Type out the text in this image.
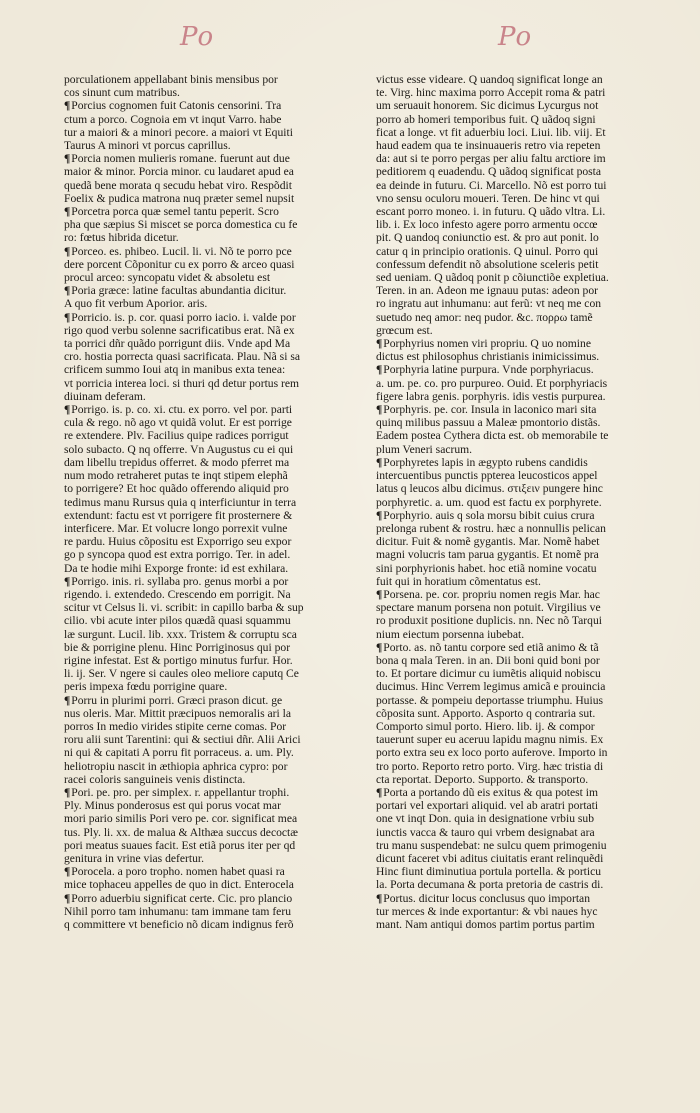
Po	Po
porculationem appellabant binis mensibus por
cos sinunt cum matribus.
¶Porcius cognomen fuit Catonis censorini. Tra
ctum a porco. Cognoia em vt inqut Varro. habe
tur a maiori & a minori pecore. a maiori vt Equiti
Taurus A minori vt porcus caprillus.
¶Porcia nomen mulieris romane. fuerunt aut due
maior & minor. Porcia minor. cu laudaret apud ea
quedã bene morata q secudu hebat viro. Respõdit
Foelix & pudica matrona nuq præter semel nupsit
¶Porcetra porca quæ semel tantu peperit. Scro
pha que sæpius Si miscet se porca domestica cu fe
ro: fœtus hibrida dicetur.
¶Porceo. es. phibeo. Lucil. li. vi. Nõ te porro pce
dere porcent Cõponitur cu ex porro & arceo quasi
procul arceo: syncopatu videt & absoletu est
¶Poria græce: latine facultas abundantia dicitur.
A quo fit verbum Aporior. aris.
¶Porricio. is. p. cor. quasi porro iacio. i. valde por
rigo quod verbu solenne sacrificatibus erat. Nã ex
ta porrici dñr quãdo porrigunt diis. Vnde apd Ma
cro. hostia porrecta quasi sacrificata. Plau. Nã si sa
crificem summo Ioui atq in manibus exta tenea:
vt porricia interea loci. si thuri qd detur portus rem
diuinam deferam.
¶Porrigo. is. p. co. xi. ctu. ex porro. vel por. parti
cula & rego. nõ ago vt quidã volut. Er est porrige
re extendere. Plv. Facilius quipe radices porrigut
solo subacto. Q nq offerre. Vn Augustus cu ei qui
dam libellu trepidus offerret. & modo pferret ma
num modo retraheret putas te inqt stipem elephã
to porrigere? Et hoc quãdo offerendo aliquid pro
tedimus manu Rursus quia q interficiuntur in terra
extendunt: factu est vt porrigere fit prosternere &
interficere. Mar. Et volucre longo porrexit vulne
re pardu. Huius cõpositu est Exporrigo seu expor
go p syncopa quod est extra porrigo. Ter. in adel.
Da te hodie mihi Exporge fronte: id est exhilara.
¶Porrigo. inis. ri. syllaba pro. genus morbi a por
rigendo. i. extendedo. Crescendo em porrigit. Na
scitur vt Celsus li. vi. scribit: in capillo barba & sup
cilio. vbi acute inter pilos quædã quasi squammu
læ surgunt. Lucil. lib. xxx. Tristem & corruptu sca
bie & porrigine plenu. Hinc Porriginosus qui por
rigine infestat. Est & portigo minutus furfur. Hor.
li. ij. Ser. V ngere si caules oleo meliore caputq Ce
peris impexa fœdu porrigine quare.
¶Porru in plurimi porri. Græci prason dicut. ge
nus oleris. Mar. Mittit præcipuos nemoralis ari la
porros In medio virides stipite cerne comas. Por
roru alii sunt Tarentini: qui & sectiui dñr. Alii Arici
ni qui & capitati A porru fit porraceus. a. um. Ply.
heliotropiu nascit in æthiopia aphrica cypro: por
racei coloris sanguineis venis distincta.
¶Pori. pe. pro. per simplex. r. appellantur trophi.
Ply. Minus ponderosus est qui porus vocat mar
mori pario similis Pori vero pe. cor. significat mea
tus. Ply. li. xx. de malua & Althæa succus decoctæ
pori meatus suaues facit. Est etiã porus iter per qd
genitura in vrine vias defertur.
¶Porocela. a poro tropho. nomen habet quasi ra
mice tophaceu appelles de quo in dict. Enterocela
¶Porro aduerbiu significat certe. Cic. pro plancio
Nihil porro tam inhumanu: tam immane tam feru
q committere vt beneficio nõ dicam indignus ferõ
victus esse videare. Q uandoq significat longe an
te. Virg. hinc maxima porro Accepit roma & patri
um seruauit honorem. Sic dicimus Lycurgus not
porro ab homeri temporibus fuit. Q uãdoq signi
ficat a longe. vt fit aduerbiu loci. Liui. lib. viij. Et
haud eadem qua te insinuaueris retro via repeten
da: aut si te porro pergas per aliu faltu arctiore im
peditiorem q euadendu. Q uãdoq significat posta
ea deinde in futuru. Ci. Marcello. Nõ est porro tui
vno sensu oculoru moueri. Teren. De hinc vt qui
escant porro moneo. i. in futuru. Q uãdo vltra. Li.
lib. i. Ex loco infesto agere porro armentu occœ
pit. Q uandoq coniunctio est. & pro aut ponit. lo
catur q in principio orationis. Q uinul. Porro qui
confessum defendit nõ absolutione sceleris petit
sed ueniam. Q uãdoq ponit p cõiunctiõe expletiua.
Teren. in an. Adeon me ignauu putas: adeon por
ro ingratu aut inhumanu: aut ferũ: vt neq me con
suetudo neq amor: neq pudor. &c. πορρω tamẽ
grœcum est.
¶Porphyrius nomen viri propriu. Q uo nomine
dictus est philosophus christianis inimicissimus.
¶Porphyria latine purpura. Vnde porphyriacus.
a. um. pe. co. pro purpureo. Ouid. Et porphyriacis
figere labra genis. porphyris. idis vestis purpurea.
¶Porphyris. pe. cor. Insula in laconico mari sita
quinq milibus passuu a Maleæ pmontorio distãs.
Eadem postea Cythera dicta est. ob memorabile te
plum Veneri sacrum.
¶Porphyretes lapis in ægypto rubens candidis
intercuentibus punctis ppterea leucosticos appel
latus q leucos albu dicimus. στιξειν pungere hinc
porphyretic. a. um. quod est factu ex porphyrete.
¶Porphyrio. auis q sola morsu bibit cuius crura
prelonga rubent & rostru. hæc a nonnullis pelican
dicitur. Fuit & nomẽ gygantis. Mar. Nomẽ habet
magni volucris tam parua gygantis. Et nomẽ pra
sini porphyrionis habet. hoc etiã nomine vocatu
fuit qui in horatium cõmentatus est.
¶Porsena. pe. cor. propriu nomen regis Mar. hac
spectare manum porsena non potuit. Virgilius ve
ro produxit positione duplicis. nn. Nec nõ Tarqui
nium eiectum porsenna iubebat.
¶Porto. as. nõ tantu corpore sed etiã animo & tã
bona q mala Teren. in an. Dii boni quid boni por
to. Et portare dicimur cu iumẽtis aliquid nobiscu
ducimus. Hinc Verrem legimus amicã e prouincia
portasse. & pompeiu deportasse triumphu. Huius
cõposita sunt. Apporto. Asporto q contraria sut.
Comporto simul porto. Hiero. lib. ij. & compor
tauerunt super eu aceruu lapidu magnu nimis. Ex
porto extra seu ex loco porto auferove. Importo in
tro porto. Reporto retro porto. Virg. hæc tristia di
cta reportat. Deporto. Supporto. & transporto.
¶Porta a portando dũ eis exitus & qua potest im
portari vel exportari aliquid. vel ab aratri portati
one vt inqt Don. quia in designatione vrbiu sub
iunctis vacca & tauro qui vrbem designabat ara
tru manu suspendebat: ne sulcu quem primogeniu
dicunt faceret vbi aditus ciuitatis erant relinquẽdi
Hinc fiunt diminutiua portula portella. & porticu
la. Porta decumana & porta pretoria de castris di.
¶Portus. dicitur locus conclusus quo importan
tur merces & inde exportantur: & vbi naues hyc
mant. Nam antiqui domos partim portus partim
